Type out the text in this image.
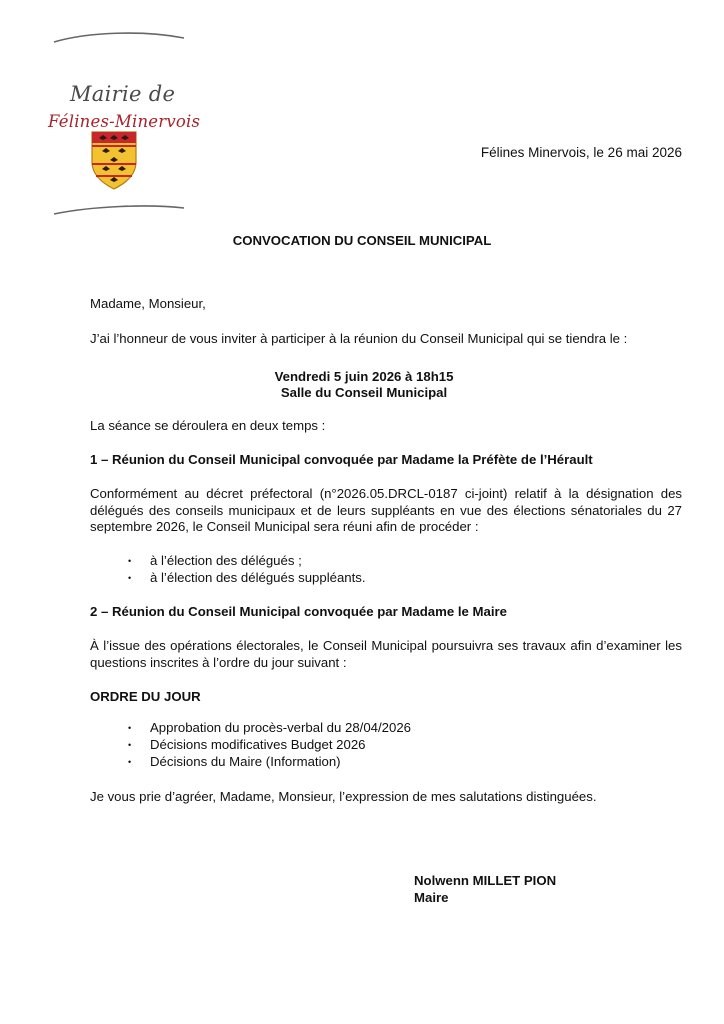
Mairie de
Félines-Minervois
Félines Minervois, le 26 mai 2026
CONVOCATION DU CONSEIL MUNICIPAL

Madame, Monsieur,

J’ai l’honneur de vous inviter à participer à la réunion du Conseil Municipal qui se tiendra le :

Vendredi 5 juin 2026 à 18h15

Salle du Conseil Municipal

La séance se déroulera en deux temps :

1 – Réunion du Conseil Municipal convoquée par Madame la Préfète de l’Hérault

Conformément au décret préfectoral (n°2026.05.DRCL-0187 ci-joint) relatif à la désignation des délégués des conseils municipaux et de leurs suppléants en vue des élections sénatoriales du 27 septembre 2026, le Conseil Municipal sera réuni afin de procéder :

• à l’élection des délégués ;
• à l’élection des délégués suppléants.

2 – Réunion du Conseil Municipal convoquée par Madame le Maire

À l’issue des opérations électorales, le Conseil Municipal poursuivra ses travaux afin d’examiner les questions inscrites à l’ordre du jour suivant :

ORDRE DU JOUR

• Approbation du procès-verbal du 28/04/2026
• Décisions modificatives Budget 2026
• Décisions du Maire (Information)

Je vous prie d’agréer, Madame, Monsieur, l’expression de mes salutations distinguées.

Nolwenn MILLET PION
Maire
